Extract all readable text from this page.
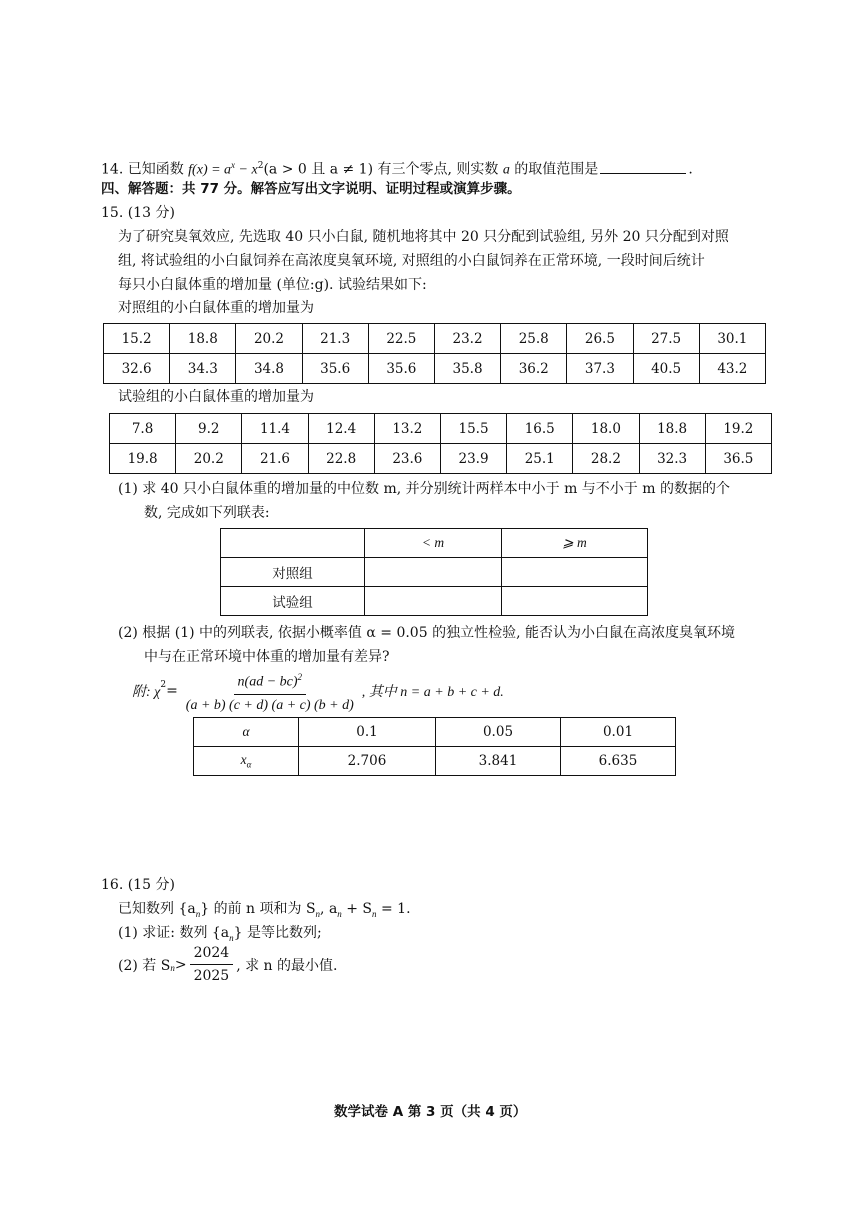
14. 已知函数 $f(x) = a^x - x^2(a > 0$ 且 a ≠ 1) 有三个零点, 则实数 a 的取值范围是	.
四、解答题：共 77 分。解答应写出文字说明、证明过程或演算步骤。
15. (13 分)
为了研究臭氧效应, 先选取 40 只小白鼠, 随机地将其中 20 只分配到试验组, 另外 20 只分配到对照
组, 将试验组的小白鼠饲养在高浓度臭氧环境, 对照组的小白鼠饲养在正常环境, 一段时间后统计
每只小白鼠体重的增加量 (单位:g). 试验结果如下:
对照组的小白鼠体重的增加量为
15.2	18.8	20.2	21.3	22.5	23.2	25.8	26.5	27.5	30.1
32.6	34.3	34.8	35.6	35.6	35.8	36.2	37.3	40.5	43.2
试验组的小白鼠体重的增加量为
7.8	9.2	11.4	12.4	13.2	15.5	16.5	18.0	18.8	19.2
19.8	20.2	21.6	22.8	23.6	23.9	25.1	28.2	32.3	36.5
(1) 求 40 只小白鼠体重的增加量的中位数 m, 并分别统计两样本中小于 m 与不小于 m 的数据的个
数, 完成如下列联表:
	< m	⩾ m
对照组		
试验组		
(2) 根据 (1) 中的列联表, 依据小概率值 α = 0.05 的独立性检验, 能否认为小白鼠在高浓度臭氧环境
中与在正常环境中体重的增加量有差异?
附: χ
$^2 = \frac{n(ad - bc)^2}{(a + b) (c + d) (a + c) (b + d)}$ , 其中 n = a + b + c + d.
α	0.1	0.05	0.01
$x_\alpha$	2.706	3.841	6.635
16. (15 分)
已知数列 $\{a_n\}$ 的前 n 项和为 $S_n$, $a_n + S_n = 1$.
(1) 求证: 数列 $\{a_n\}$ 是等比数列;
(2) 若 $S_n > \frac{2024}{2025}$ , 求 n 的最小值.
数学试卷 A 第 3 页（共 4 页）
